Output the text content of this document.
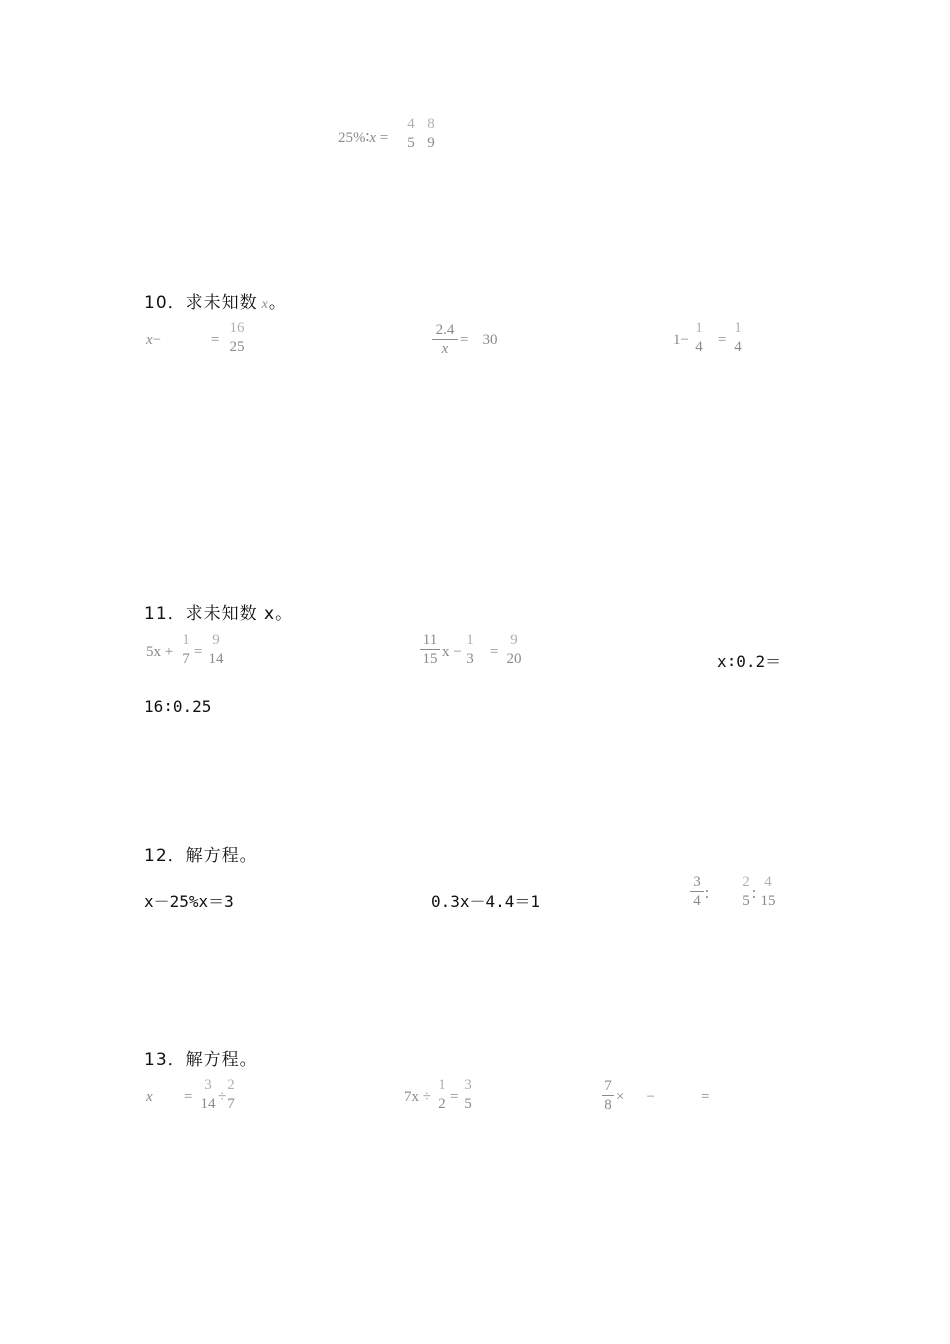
25%∶x =
4
5
8
9
10．求未知数 x。
x−	=
16
25
2.4
x
= 30	1−
1
4 =
1
4
11．求未知数 x。
5x +
1
7 =
9
14
11
15 x −
1
3 =
9
20	x∶0.2＝
16∶0.25
12．解方程。
x－25%x＝3	0.3x－4.4＝1
3
4 ∶
2
5 ∶
4
15
13．解方程。
x =
3
14 ÷
2
7	7x ÷
1
2 =
3
5
7
8 × −	=
